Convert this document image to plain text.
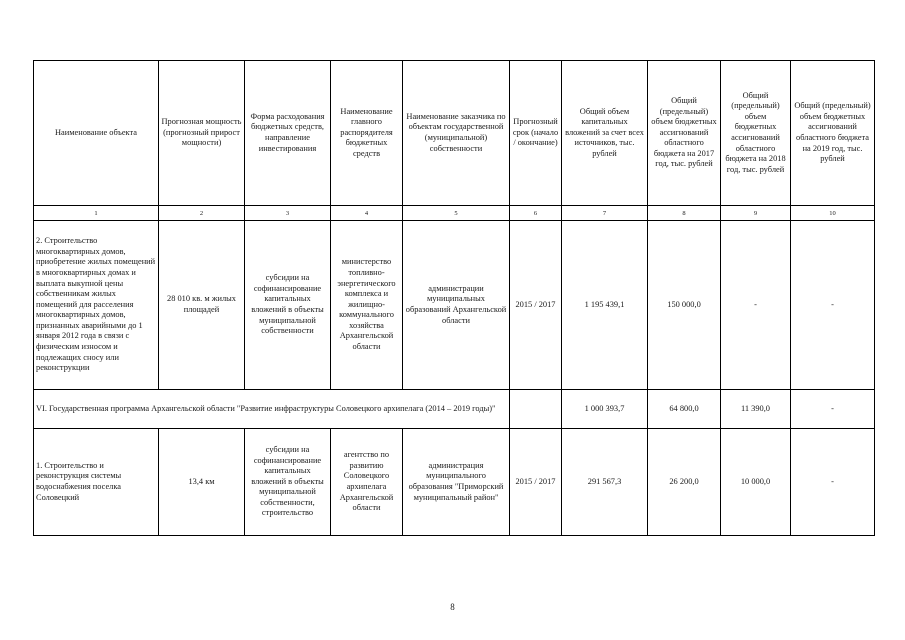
Наименование объекта	Прогнозная мощность (прогнозный прирост мощности)	Форма расходования бюджетных средств, направление инвестирования	Наименование главного распорядителя бюджетных средств	Наименование заказчика по объектам государственной (муниципальной) собственности	Прогнозный срок (начало / окончание)	Общий объем капитальных вложений за счет всех источников, тыс. рублей	Общий (предельный) объем бюджетных ассигнований областного бюджета на 2017 год, тыс. рублей	Общий (предельный) объем бюджетных ассигнований областного бюджета на 2018 год, тыс. рублей	Общий (предельный) объем бюджетных ассигнований областного бюджета на 2019 год, тыс. рублей
1	2	3	4	5	6	7	8	9	10
2. Строительство многоквартирных домов, приобретение жилых помещений в многоквартирных домах и выплата выкупной цены собственникам жилых помещений для расселения многоквартирных домов, признанных аварийными до 1 января 2012 года в связи с физическим износом и подлежащих сносу или реконструкции	28 010 кв. м жилых площадей	субсидии на софинансирование капитальных вложений в объекты муниципальной собственности	министерство топливно-энергетического комплекса и жилищно-коммунального хозяйства Архангельской области	администрации муниципальных образований Архангельской области	2015 / 2017	1 195 439,1	150 000,0	-	-
VI. Государственная программа Архангельской области "Развитие инфраструктуры Соловецкого архипелага (2014 – 2019 годы)"						1 000 393,7	64 800,0	11 390,0	-
1. Строительство и реконструкция системы водоснабжения поселка Соловецкий	13,4 км	субсидии на софинансирование капитальных вложений в объекты муниципальной собственности, строительство	агентство по развитию Соловецкого архипелага Архангельской области	администрация муниципального образования "Приморский муниципальный район"	2015 / 2017	291 567,3	26 200,0	10 000,0	-
8
